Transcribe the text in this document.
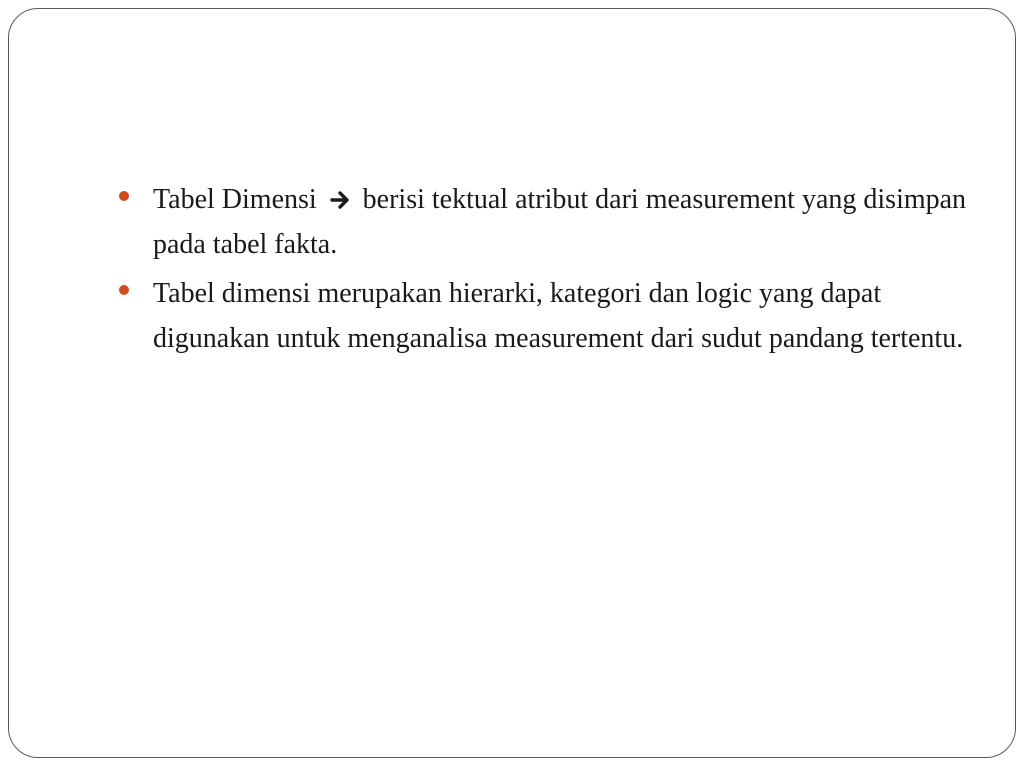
Tabel Dimensi berisi tektual atribut dari measurement yang disimpan pada tabel fakta.
Tabel dimensi merupakan hierarki, kategori dan logic yang dapat digunakan untuk menganalisa measurement dari sudut pandang tertentu.
